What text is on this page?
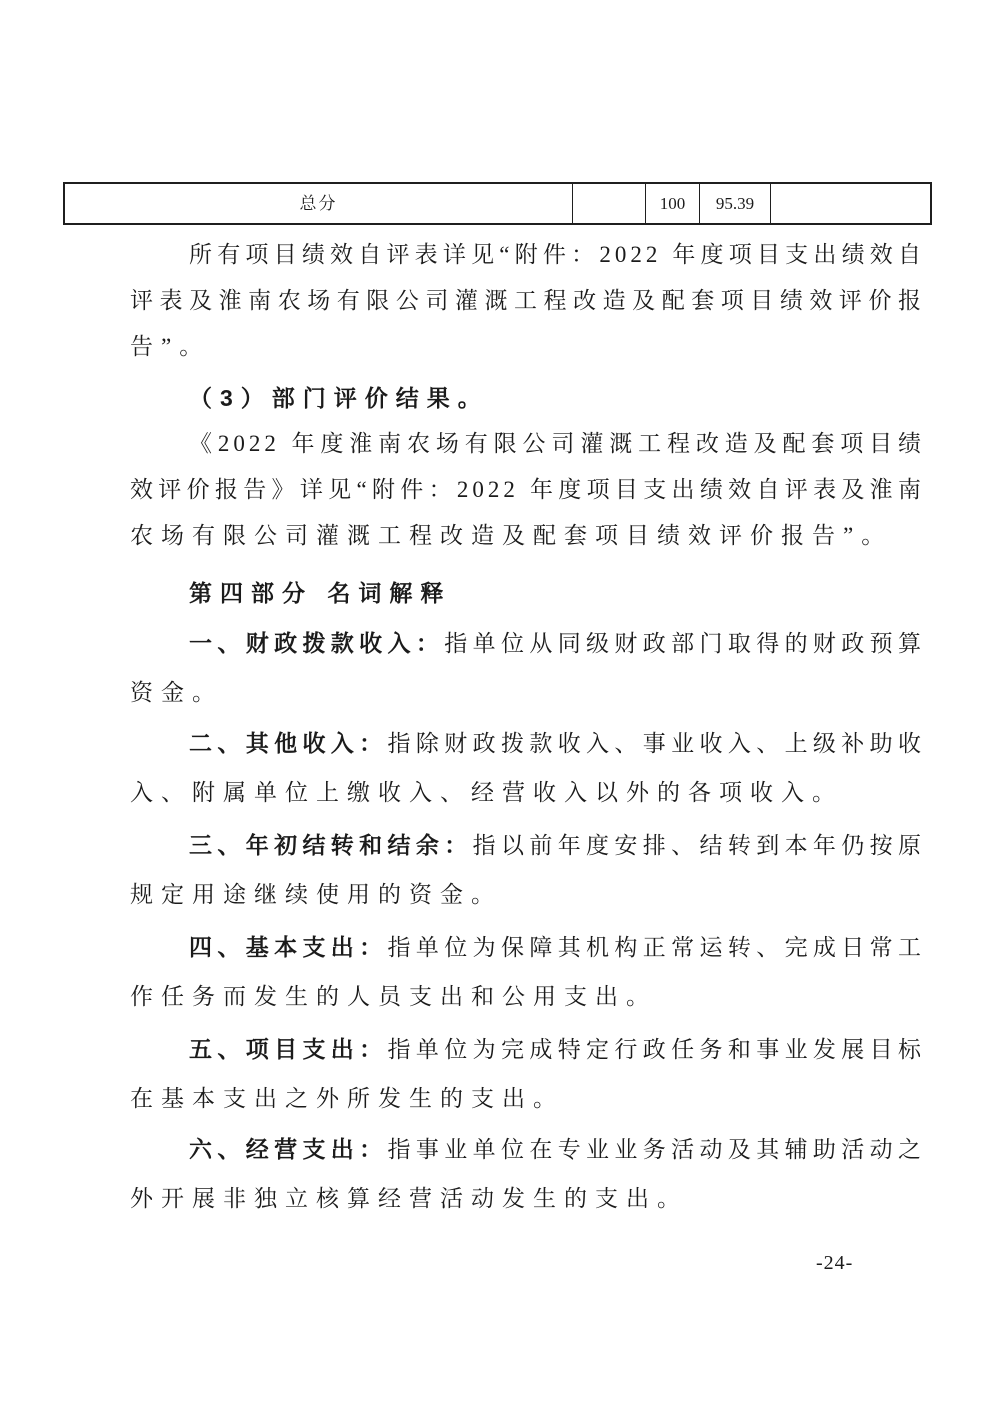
总分	100	95.39
所有项目绩效自评表详见“附件：2022 年度项目支出绩效自
评表及淮南农场有限公司灌溉工程改造及配套项目绩效评价报
告”。
（3）部门评价结果。
《2022 年度淮南农场有限公司灌溉工程改造及配套项目绩
效评价报告》详见“附件：2022 年度项目支出绩效自评表及淮南
农场有限公司灌溉工程改造及配套项目绩效评价报告”。
第四部分 名词解释
一、财政拨款收入：指单位从同级财政部门取得的财政预算
资金。
二、其他收入：指除财政拨款收入、事业收入、上级补助收
入、附属单位上缴收入、经营收入以外的各项收入。
三、年初结转和结余：指以前年度安排、结转到本年仍按原
规定用途继续使用的资金。
四、基本支出：指单位为保障其机构正常运转、完成日常工
作任务而发生的人员支出和公用支出。
五、项目支出：指单位为完成特定行政任务和事业发展目标
在基本支出之外所发生的支出。
六、经营支出：指事业单位在专业业务活动及其辅助活动之
外开展非独立核算经营活动发生的支出。
-24-
